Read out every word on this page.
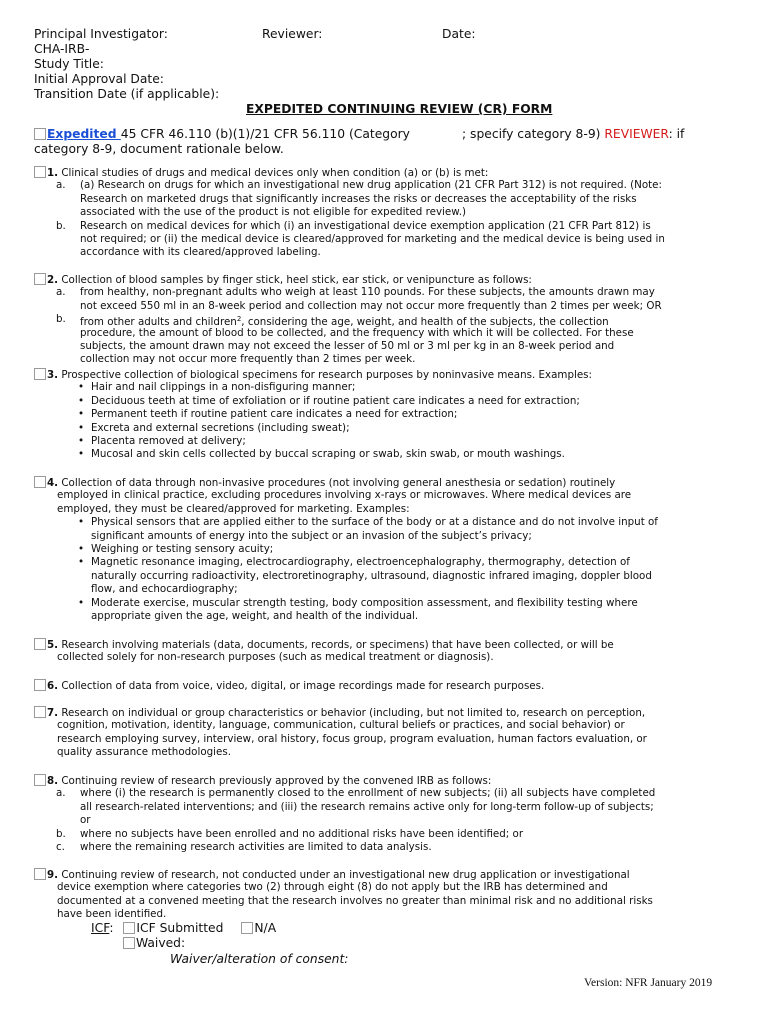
Principal Investigator:	Reviewer:	Date:
CHA-IRB-
Study Title:
Initial Approval Date:
Transition Date (if applicable):
EXPEDITED CONTINUING REVIEW (CR) FORM
Expedited 45 CFR 46.110 (b)(1)/21 CFR 56.110 (Category	; specify category 8-9) REVIEWER: if
category 8-9, document rationale below.
1. Clinical studies of drugs and medical devices only when condition (a) or (b) is met:
a. (a) Research on drugs for which an investigational new drug application (21 CFR Part 312) is not required. (Note:
Research on marketed drugs that significantly increases the risks or decreases the acceptability of the risks
associated with the use of the product is not eligible for expedited review.)
b. Research on medical devices for which (i) an investigational device exemption application (21 CFR Part 812) is
not required; or (ii) the medical device is cleared/approved for marketing and the medical device is being used in
accordance with its cleared/approved labeling.
2. Collection of blood samples by finger stick, heel stick, ear stick, or venipuncture as follows:
a. from healthy, non-pregnant adults who weigh at least 110 pounds. For these subjects, the amounts drawn may
not exceed 550 ml in an 8-week period and collection may not occur more frequently than 2 times per week; OR
b. from other adults and children$^2$, considering the age, weight, and health of the subjects, the collection
procedure, the amount of blood to be collected, and the frequency with which it will be collected. For these
subjects, the amount drawn may not exceed the lesser of 50 ml or 3 ml per kg in an 8-week period and
collection may not occur more frequently than 2 times per week.
3. Prospective collection of biological specimens for research purposes by noninvasive means. Examples:
• Hair and nail clippings in a non-disfiguring manner;
• Deciduous teeth at time of exfoliation or if routine patient care indicates a need for extraction;
• Permanent teeth if routine patient care indicates a need for extraction;
• Excreta and external secretions (including sweat);
• Placenta removed at delivery;
• Mucosal and skin cells collected by buccal scraping or swab, skin swab, or mouth washings.
4. Collection of data through non-invasive procedures (not involving general anesthesia or sedation) routinely
employed in clinical practice, excluding procedures involving x-rays or microwaves. Where medical devices are
employed, they must be cleared/approved for marketing. Examples:
• Physical sensors that are applied either to the surface of the body or at a distance and do not involve input of
significant amounts of energy into the subject or an invasion of the subject’s privacy;
• Weighing or testing sensory acuity;
• Magnetic resonance imaging, electrocardiography, electroencephalography, thermography, detection of
naturally occurring radioactivity, electroretinography, ultrasound, diagnostic infrared imaging, doppler blood
flow, and echocardiography;
• Moderate exercise, muscular strength testing, body composition assessment, and flexibility testing where
appropriate given the age, weight, and health of the individual.
5. Research involving materials (data, documents, records, or specimens) that have been collected, or will be
collected solely for non-research purposes (such as medical treatment or diagnosis).
6. Collection of data from voice, video, digital, or image recordings made for research purposes.
7. Research on individual or group characteristics or behavior (including, but not limited to, research on perception,
cognition, motivation, identity, language, communication, cultural beliefs or practices, and social behavior) or
research employing survey, interview, oral history, focus group, program evaluation, human factors evaluation, or
quality assurance methodologies.
8. Continuing review of research previously approved by the convened IRB as follows:
a. where (i) the research is permanently closed to the enrollment of new subjects; (ii) all subjects have completed
all research-related interventions; and (iii) the research remains active only for long-term follow-up of subjects;
or
b. where no subjects have been enrolled and no additional risks have been identified; or
c. where the remaining research activities are limited to data analysis.
9. Continuing review of research, not conducted under an investigational new drug application or investigational
device exemption where categories two (2) through eight (8) do not apply but the IRB has determined and
documented at a convened meeting that the research involves no greater than minimal risk and no additional risks
have been identified.
ICF: ICF Submitted	N/A
Waived:
Waiver/alteration of consent:
Version: NFR January 2019
